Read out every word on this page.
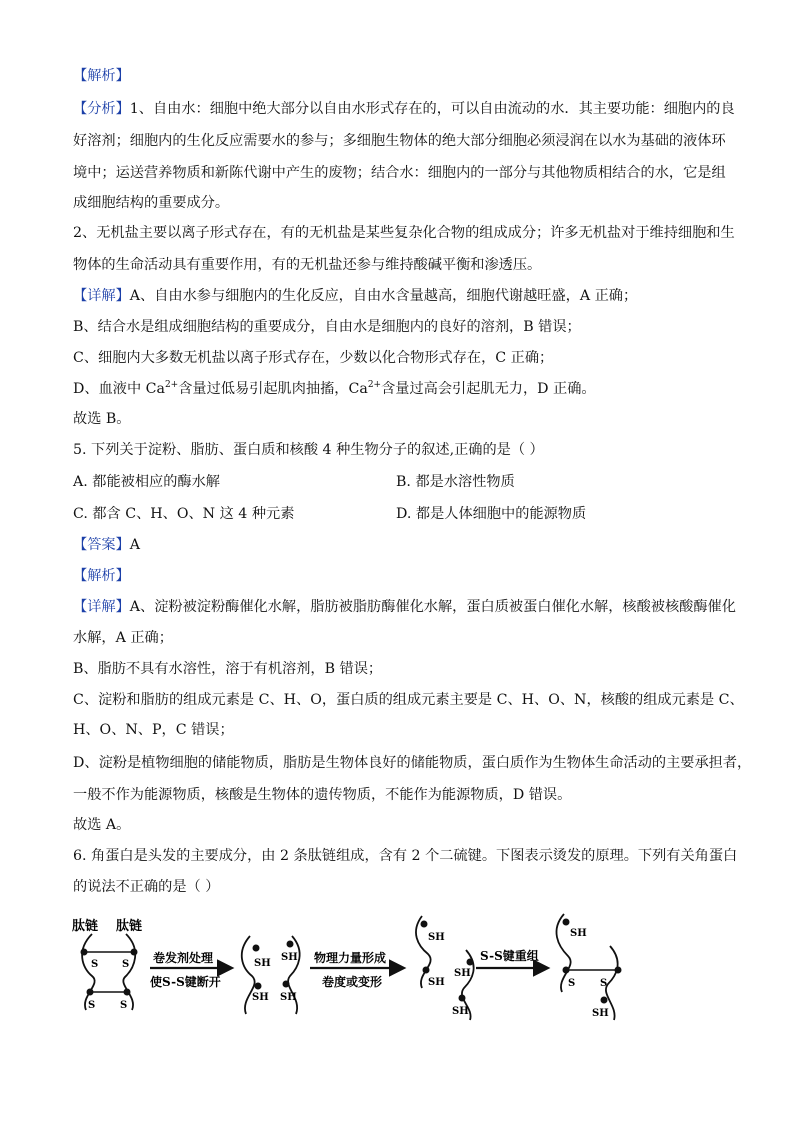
【解析】
【分析】1、自由水：细胞中绝大部分以自由水形式存在的，可以自由流动的水．其主要功能：细胞内的良
好溶剂；细胞内的生化反应需要水的参与；多细胞生物体的绝大部分细胞必须浸润在以水为基础的液体环
境中；运送营养物质和新陈代谢中产生的废物；结合水：细胞内的一部分与其他物质相结合的水，它是组
成细胞结构的重要成分。
2、无机盐主要以离子形式存在，有的无机盐是某些复杂化合物的组成成分；许多无机盐对于维持细胞和生
物体的生命活动具有重要作用，有的无机盐还参与维持酸碱平衡和渗透压。
【详解】A、自由水参与细胞内的生化反应，自由水含量越高，细胞代谢越旺盛，A 正确；
B、结合水是组成细胞结构的重要成分，自由水是细胞内的良好的溶剂，B 错误；
C、细胞内大多数无机盐以离子形式存在，少数以化合物形式存在，C 正确；
D、血液中 $Ca^{2+}$含量过低易引起肌肉抽搐，$Ca^{2+}$含量过高会引起肌无力，D 正确。
故选 B。
5. 下列关于淀粉、脂肪、蛋白质和核酸 4 种生物分子的叙述,正确的是（ ）
A. 都能被相应的酶水解	B. 都是水溶性物质
C. 都含 C、H、O、N 这 4 种元素	D. 都是人体细胞中的能源物质
【答案】A
【解析】
【详解】A、淀粉被淀粉酶催化水解，脂肪被脂肪酶催化水解，蛋白质被蛋白催化水解，核酸被核酸酶催化
水解，A 正确；
B、脂肪不具有水溶性，溶于有机溶剂，B 错误；
C、淀粉和脂肪的组成元素是 C、H、O，蛋白质的组成元素主要是 C、H、O、N，核酸的组成元素是 C、
H、O、N、P，C 错误；
D、淀粉是植物细胞的储能物质，脂肪是生物体良好的储能物质，蛋白质作为生物体生命活动的主要承担者，
一般不作为能源物质，核酸是生物体的遗传物质，不能作为能源物质，D 错误。
故选 A。
6. 角蛋白是头发的主要成分，由 2 条肽链组成，含有 2 个二硫键。下图表示烫发的原理。下列有关角蛋白
的说法不正确的是（ ）
肽链 肽链
S S
S S
卷发剂处理
使S-S键断开
SH
SH
SH
SH
物理力量形成
卷度或变形
SH
SH
SH
SH
S-S键重组
SH
S S
SH
